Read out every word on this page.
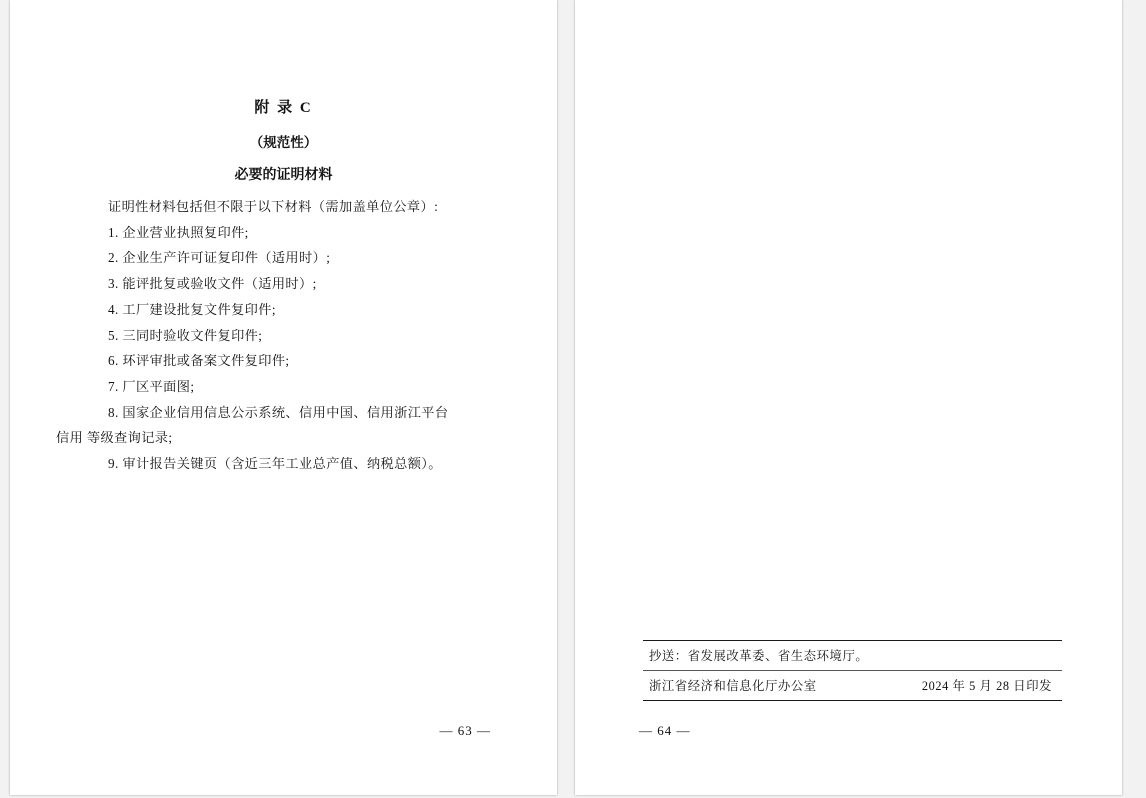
附 录 C
（规范性）
必要的证明材料

证明性材料包括但不限于以下材料（需加盖单位公章）:

1. 企业营业执照复印件;

2. 企业生产许可证复印件（适用时）;

3. 能评批复或验收文件（适用时）;

4. 工厂建设批复文件复印件;

5. 三同时验收文件复印件;

6. 环评审批或备案文件复印件;

7. 厂区平面图;

8. 国家企业信用信息公示系统、信用中国、信用浙江平台
信用 等级查询记录;

9. 审计报告关键页（含近三年工业总产值、纳税总额）。

— 63 —
抄送：省发展改革委、省生态环境厅。
浙江省经济和信息化厅办公室	2024 年 5 月 28 日印发
— 64 —
